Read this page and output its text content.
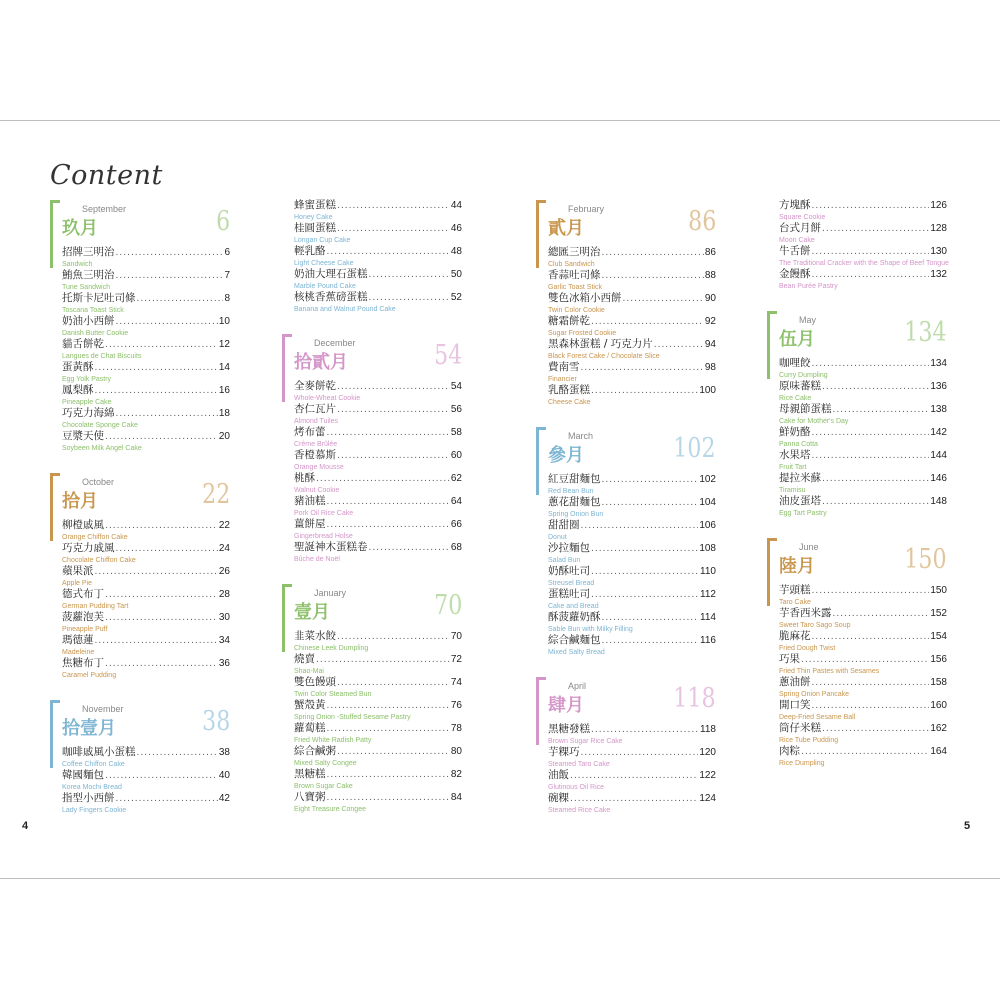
Content
September
玖月	6
招牌三明治 .....	6
Sandwich
鮪魚三明治 .....	7
Tune Sandwich
托斯卡尼吐司條 .....	8
Toscana Toast Stick
奶油小西餅 .....	10
Danish Butter Cookie
貓舌餅乾 .....	12
Langues de Chat Biscuits
蛋黃酥 .....	14
Egg Yolk Pastry
鳳梨酥 .....	16
Pineapple Cake
巧克力海綿 .....	18
Chocolate Sponge Cake
豆漿天使 .....	20
Soybeen Milk Angel Cake
October
拾月	22
柳橙戚風 .....	22
Orange Chiffon Cake
巧克力戚風 .....	24
Chocolate Chiffon Cake
蘋果派 .....	26
Apple Pie
德式布丁 .....	28
German Pudding Tart
菠蘿泡芙 .....	30
Pineapple Puff
瑪德蓮 .....	34
Madeleine
焦糖布丁 .....	36
Caramel Pudding
November
拾壹月	38
咖啡戚風小蛋糕 .....	38
Coffee Chiffon Cake
韓國麵包 .....	40
Korea Mochi Bread
指型小西餅 .....	42
Lady Fingers Cookie
蜂蜜蛋糕 .....	44
Honey Cake
桂圓蛋糕 .....	46
Longan Cup Cake
輕乳酪 .....	48
Light Cheese Cake
奶油大理石蛋糕 .....	50
Marble Pound Cake
核桃香蕉磅蛋糕 .....	52
Banana and Walnut Pound Cake
December
拾貳月	54
全麥餅乾 .....	54
Whole-Wheat Cookie
杏仁瓦片 .....	56
Almond Tuiles
烤布蕾 .....	58
Crème Brûlée
香橙慕斯 .....	60
Orange Mousse
桃酥 .....	62
Walnut Cookie
豬油糕 .....	64
Pork Oil Rice Cake
薑餅屋 .....	66
Gingerbread Holse
聖誕神木蛋糕卷 .....	68
Bûche de Noël
January
壹月	70
韭菜水餃 .....	70
Chinese Leek Dumpling
燒賣 .....	72
Shao-Mai
雙色饅頭 .....	74
Twin Color Steamed Bun
蟹殼黃 .....	76
Spring Onion -Stuffed Sesame Pastry
蘿蔔糕 .....	78
Fried White Radish Patty
綜合鹹粥 .....	80
Mixed Salty Congee
黑糖糕 .....	82
Brown Sugar Cake
八寶粥 .....	84
Eight Treasure Congee
February
貳月	86
總匯三明治 .....	86
Club Sandwich
香蒜吐司條 .....	88
Garlic Toast Stick
雙色冰箱小西餅 .....	90
Twin Color Cookie
糖霜餅乾 .....	92
Sugar Frosted Cookie
黑森林蛋糕 / 巧克力片 .....	94
Black Forest Cake / Chocolate Slice
費南雪 .....	98
Financier
乳酪蛋糕 .....	100
Cheese Cake
March
參月	102
紅豆甜麵包 .....	102
Red Bean Bun
蔥花甜麵包 .....	104
Spring Onion Bun
甜甜圈 .....	106
Donut
沙拉麵包 .....	108
Salad Bun
奶酥吐司 .....	110
Streusel Bread
蛋糕吐司 .....	112
Cake and Bread
酥菠蘿奶酥 .....	114
Sable Bun with Milky Filling
綜合鹹麵包 .....	116
Mixed Salty Bread
April
肆月	118
黑糖發糕 .....	118
Brown Sugar Rice Cake
芋粿巧 .....	120
Steamed Taro Cake
油飯 .....	122
Glutinous Oil Rice
碗粿 .....	124
Steamed Rice Cake
方塊酥 .....	126
Square Cookie
台式月餅 .....	128
Moon Cake
牛舌餅 .....	130
The Traditional Cracker with the Shape of Beef Tongue
金饅酥 .....	132
Bean Purée Pastry
May
伍月	134
咖哩餃 .....	134
Curry Dumpling
原味蕃糕 .....	136
Rice Cake
母親節蛋糕 .....	138
Cake for Mother's Day
鮮奶酪 .....	142
Panna Cotta
水果塔 .....	144
Fruit Tart
提拉米蘇 .....	146
Tiramisu
油皮蛋塔 .....	148
Egg Tart Pastry
June
陸月	150
芋頭糕 .....	150
Taro Cake
芋香西米露 .....	152
Sweet Taro Sago Soup
脆麻花 .....	154
Fried Dough Twist
巧果 .....	156
Fried Thin Pastes with Sesames
蔥油餅 .....	158
Spring Onion Pancake
開口笑 .....	160
Deep-Fried Sesame Ball
筒仔米糕 .....	162
Rice Tube Pudding
肉粽 .....	164
Rice Dumpling
4	5
